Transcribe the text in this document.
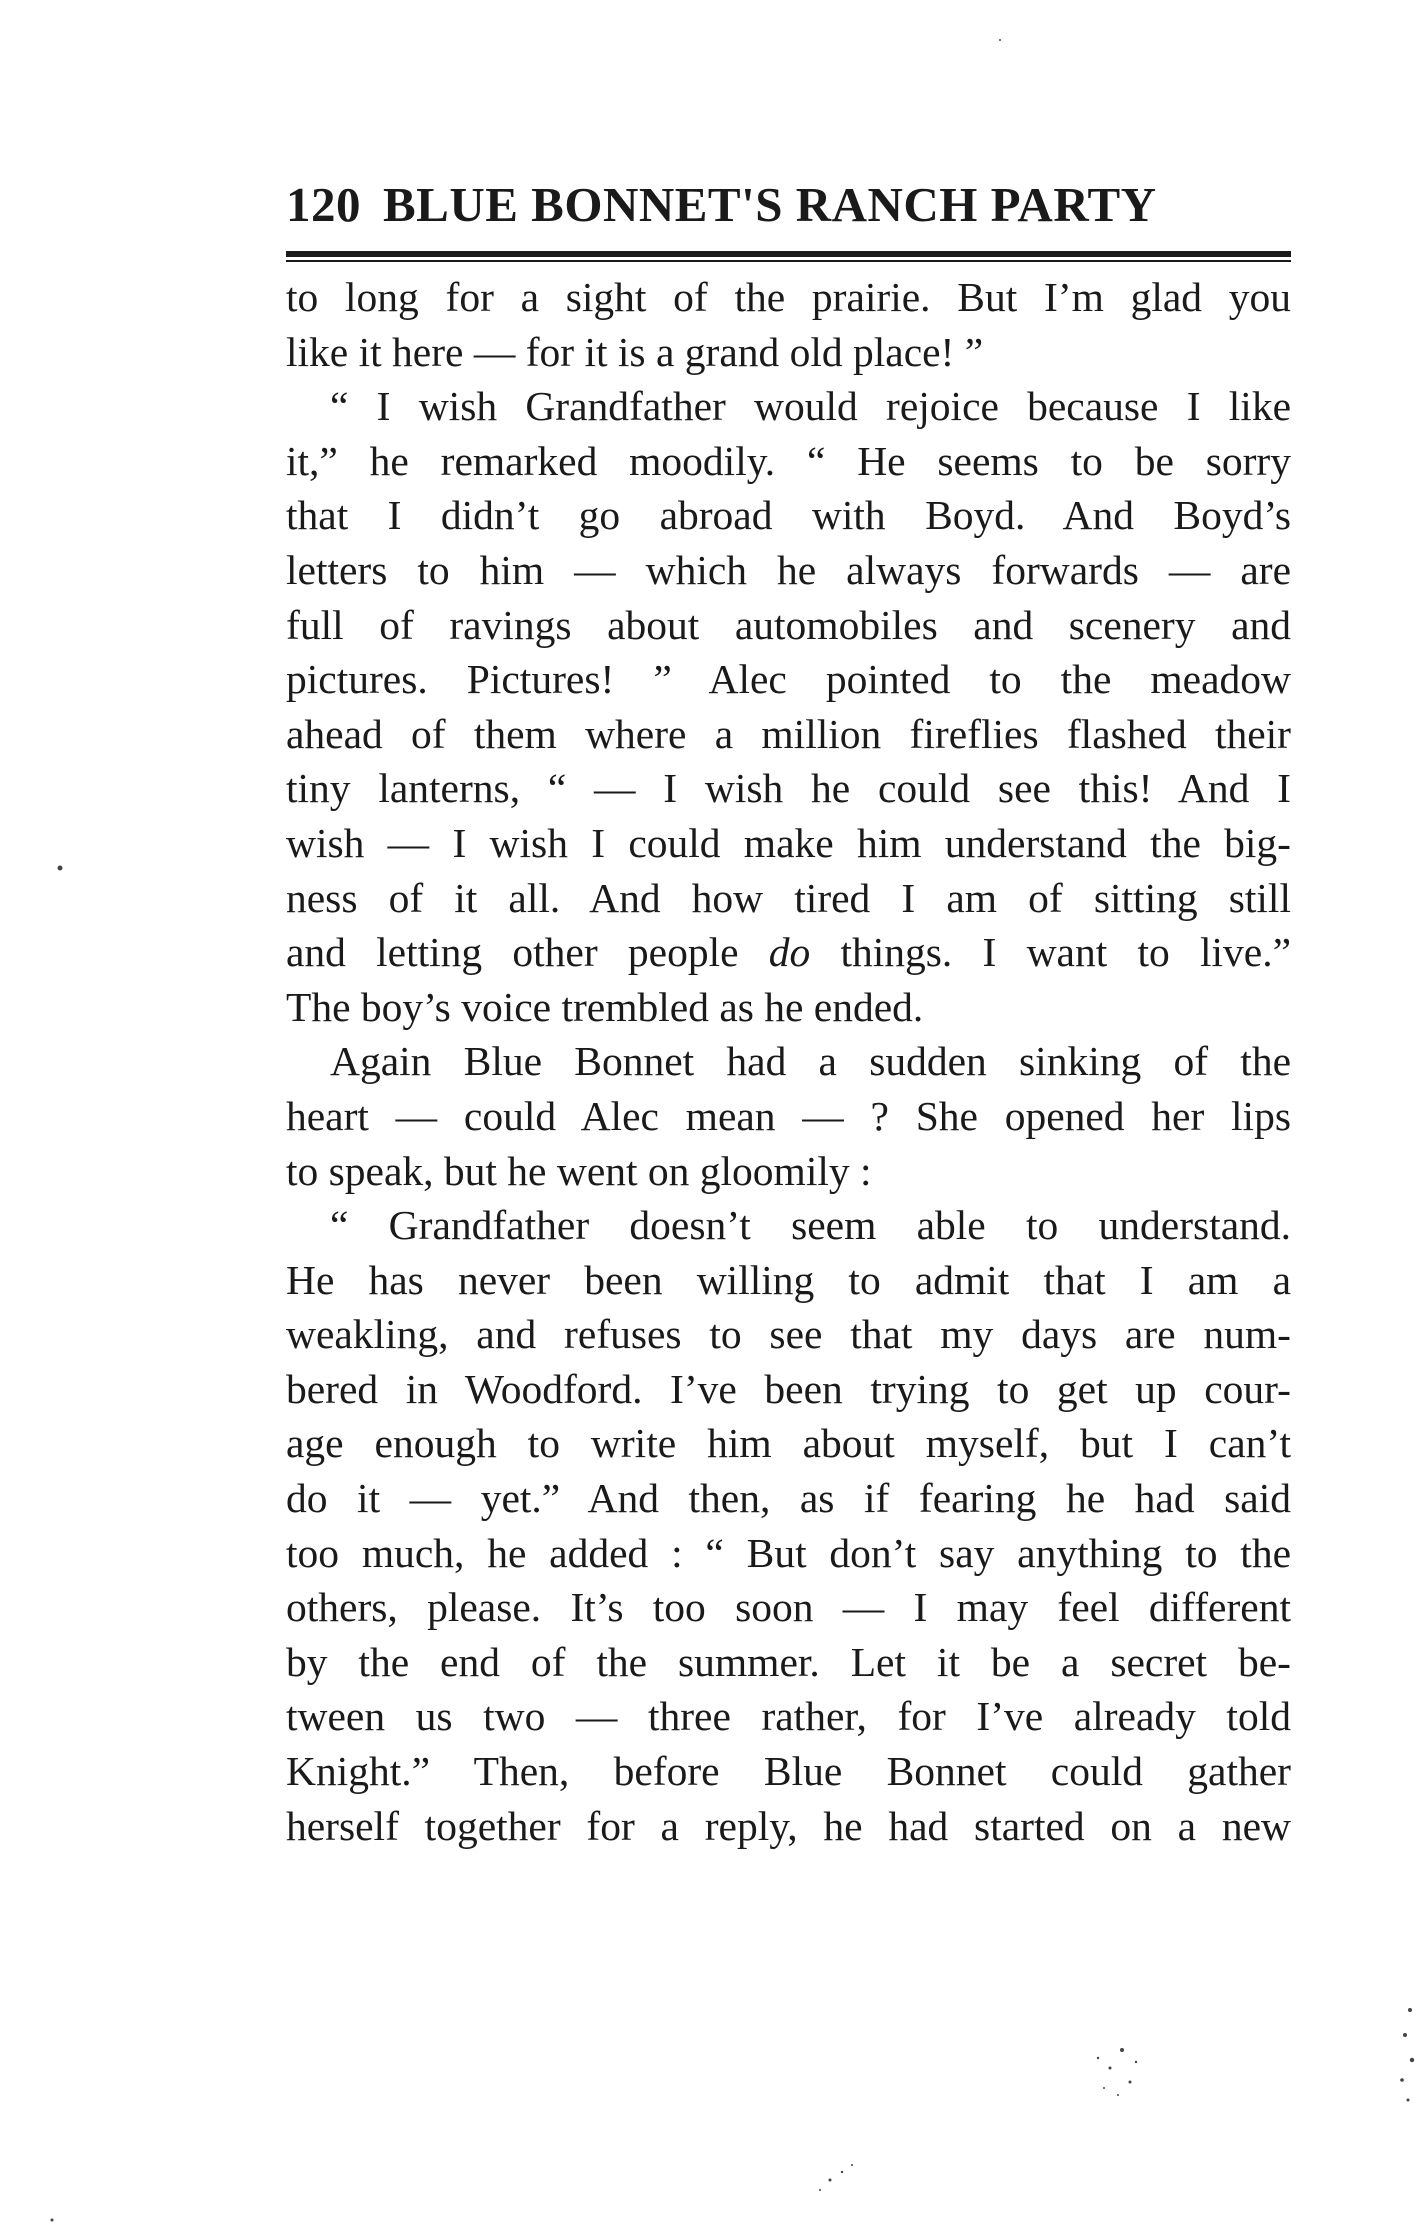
120 BLUE BONNET'S RANCH PARTY
to long for a sight of the prairie. But I’m glad you
like it here — for it is a grand old place! ”
“ I wish Grandfather would rejoice because I like
it,” he remarked moodily. “ He seems to be sorry
that I didn’t go abroad with Boyd. And Boyd’s
letters to him — which he always forwards — are
full of ravings about automobiles and scenery and
pictures. Pictures! ” Alec pointed to the meadow
ahead of them where a million fireflies flashed their
tiny lanterns, “ — I wish he could see this! And I
wish — I wish I could make him understand the big-
ness of it all. And how tired I am of sitting still
and letting other people do things. I want to live.”
The boy’s voice trembled as he ended.
Again Blue Bonnet had a sudden sinking of the
heart — could Alec mean — ? She opened her lips
to speak, but he went on gloomily :
“ Grandfather doesn’t seem able to understand.
He has never been willing to admit that I am a
weakling, and refuses to see that my days are num-
bered in Woodford. I’ve been trying to get up cour-
age enough to write him about myself, but I can’t
do it — yet.” And then, as if fearing he had said
too much, he added : “ But don’t say anything to the
others, please. It’s too soon — I may feel different
by the end of the summer. Let it be a secret be-
tween us two — three rather, for I’ve already told
Knight.” Then, before Blue Bonnet could gather
herself together for a reply, he had started on a new
